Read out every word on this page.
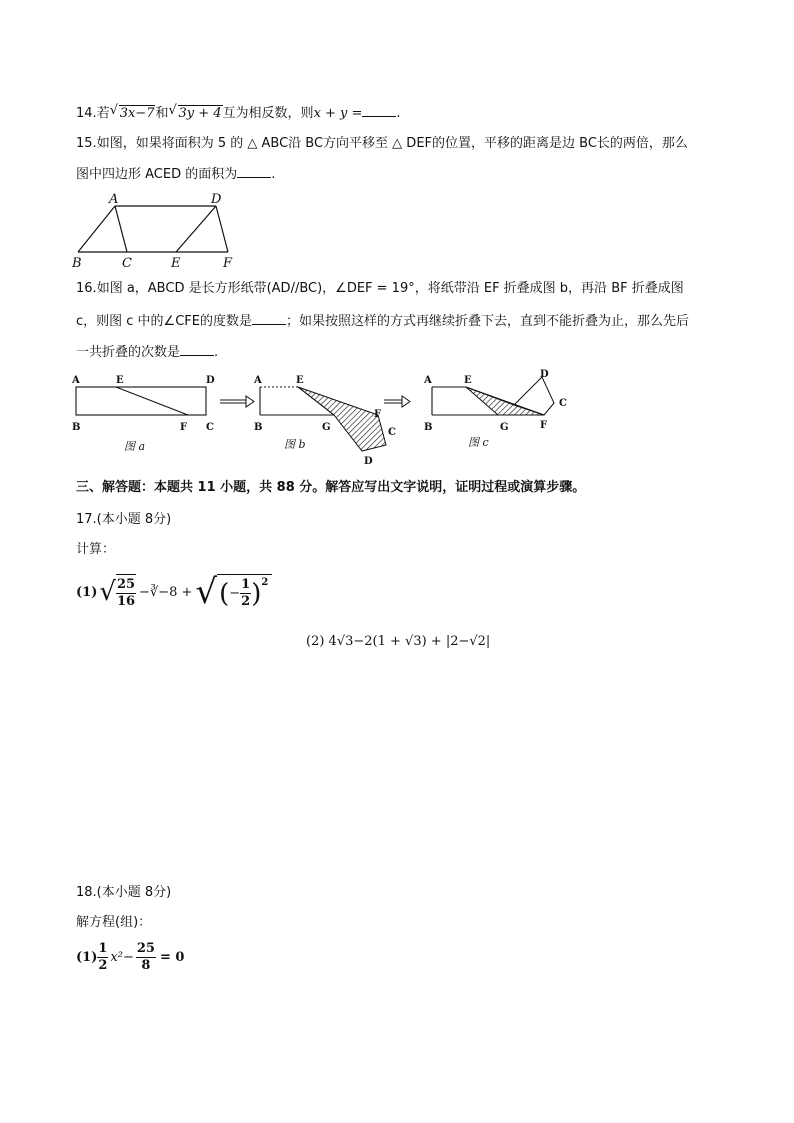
14.若 √ 3x−7和 √ 3y + 4互为相反数，则x + y =	.
15.如图，如果将面积为 5 的 △ ABC沿 BC方向平移至 △ DEF的位置，平移的距离是边 BC长的两倍，那么
图中四边形 ACED 的面积为	.
A	D
B	C	E	F
16.如图 a，ABCD 是长方形纸带(AD//BC)，∠DEF = 19°，将纸带沿 EF 折叠成图 b，再沿 BF 折叠成图
c，则图 c 中的∠CFE的度数是	；如果按照这样的方式再继续折叠下去，直到不能折叠为止，那么先后
一共折叠的次数是	.
A	E	D
B	F C
A	E
B	G
F
C
D
A	E
B	G	F
C
D
图 a	图 b	图 c
三、解答题：本题共 11 小题，共 88 分。解答应写出文字说明，证明过程或演算步骤。
17.(本小题 8分)
计算：
(1) √ $\frac{25}{16}$ −∛−8 + √ ( − $\frac{1}{2} )^2$
(2) 4√3−2(1 + √3) + |2−√2|
18.(本小题 8分)
解方程(组)：
$(1) \frac{1}{2} x^2- \frac{25}{8} = 0$
